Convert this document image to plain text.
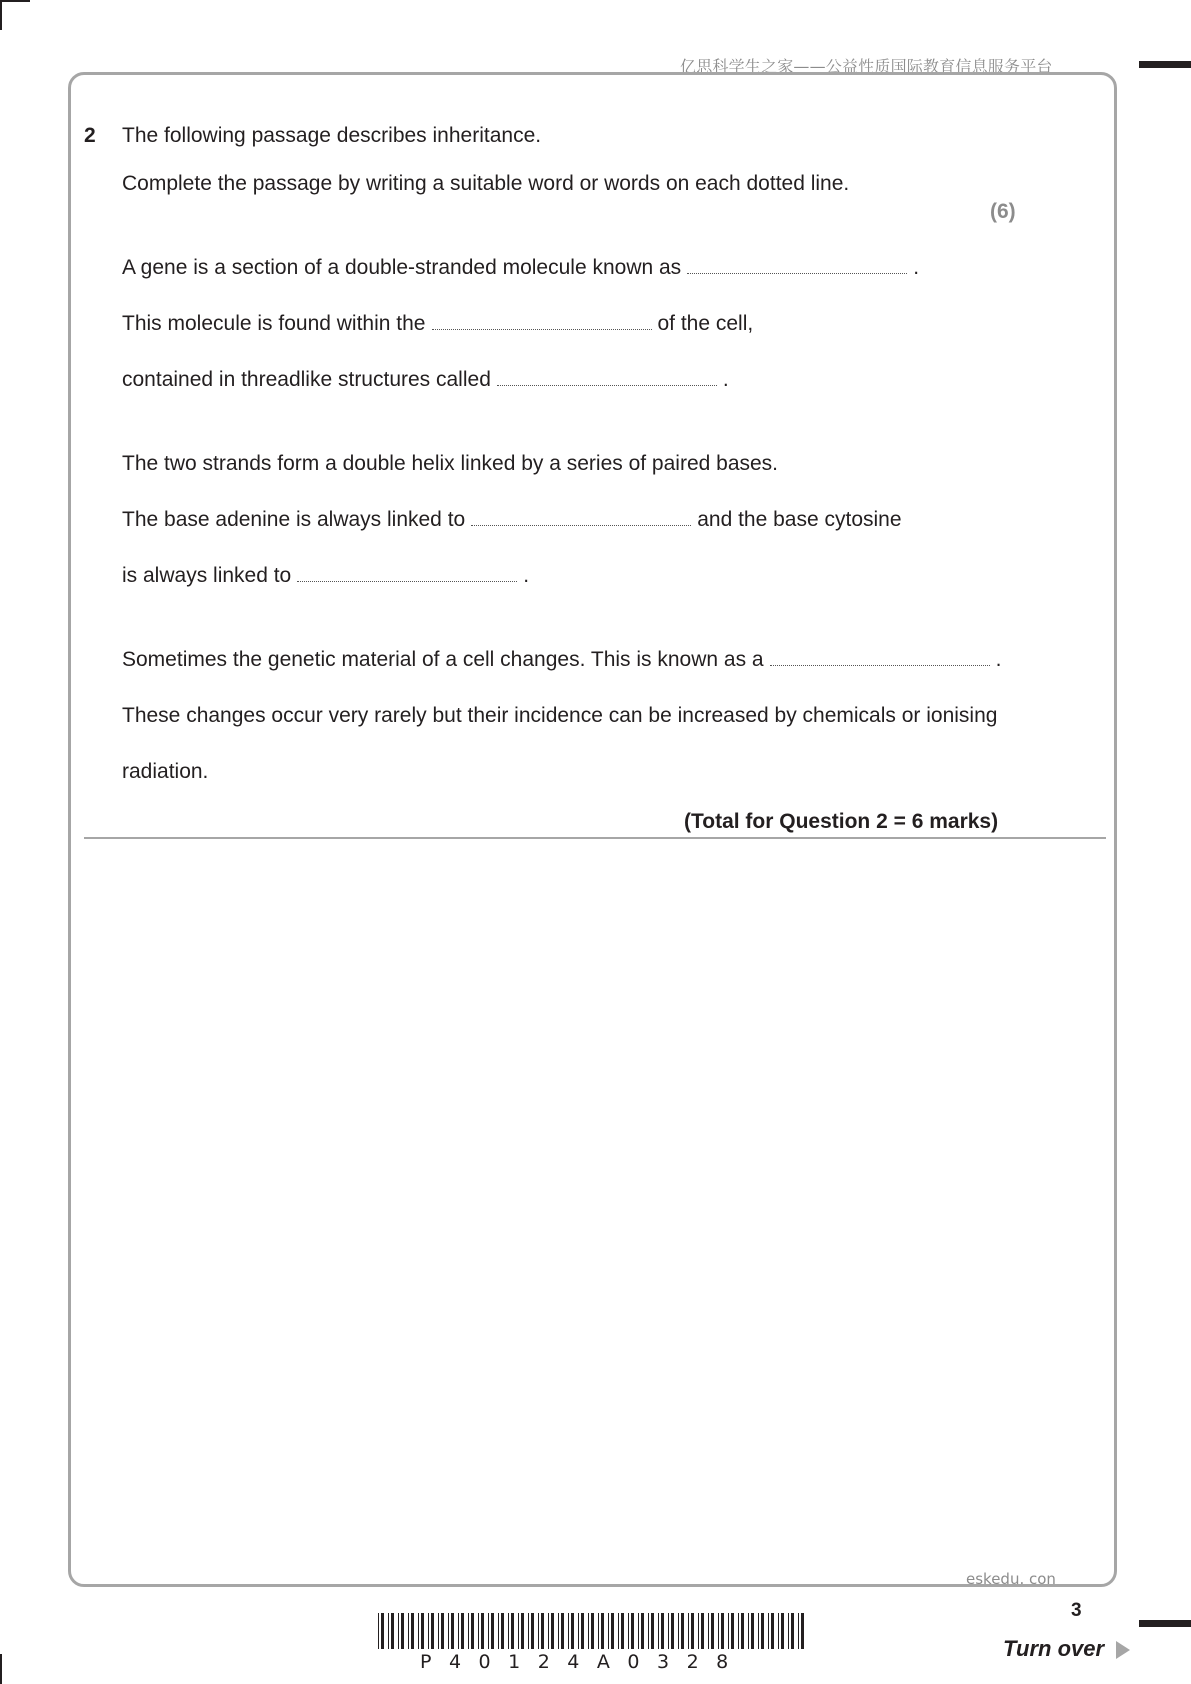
亿思科学生之家——公益性质国际教育信息服务平台
2 The following passage describes inheritance.
Complete the passage by writing a suitable word or words on each dotted line.
(6)
A gene is a section of a double-stranded molecule known as	.
This molecule is found within the	of the cell,
contained in threadlike structures called	.
The two strands form a double helix linked by a series of paired bases.
The base adenine is always linked to	and the base cytosine
is always linked to	.
Sometimes the genetic material of a cell changes. This is known as a	.
These changes occur very rarely but their incidence can be increased by chemicals or ionising
radiation.
(Total for Question 2 = 6 marks)
eskedu. con
3
P40124A0328
Turn over
